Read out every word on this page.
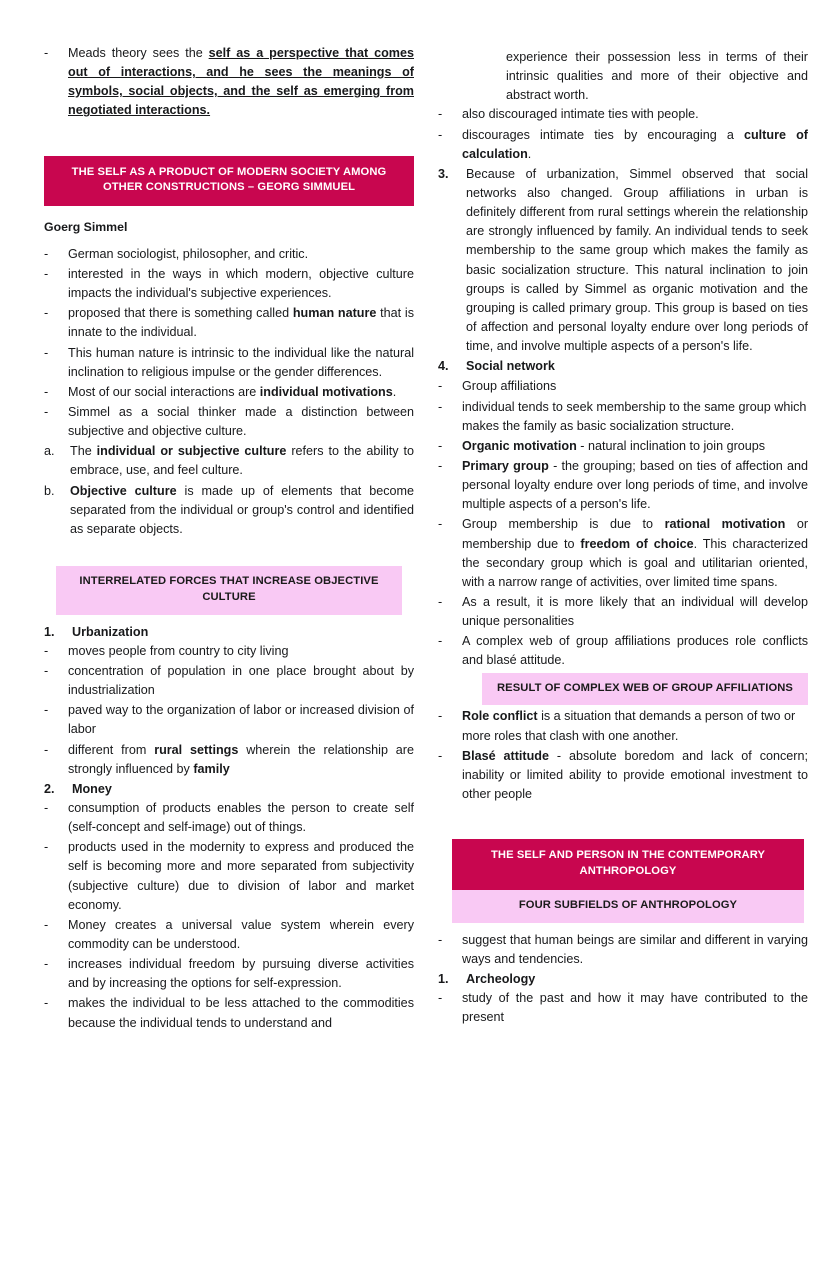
-	Meads theory sees the self as a perspective that comes out of interactions, and he sees the meanings of symbols, social objects, and the self as emerging from negotiated interactions.
THE SELF AS A PRODUCT OF MODERN SOCIETY AMONG OTHER CONSTRUCTIONS – GEORG SIMMUEL
Goerg Simmel
-	German sociologist, philosopher, and critic.
-	interested in the ways in which modern, objective culture impacts the individual's subjective experiences.
-	proposed that there is something called human nature that is innate to the individual.
-	This human nature is intrinsic to the individual like the natural inclination to religious impulse or the gender differences.
-	Most of our social interactions are individual motivations.
-	Simmel as a social thinker made a distinction between subjective and objective culture.
a.	The individual or subjective culture refers to the ability to embrace, use, and feel culture.
b.	Objective culture is made up of elements that become separated from the individual or group's control and identified as separate objects.
INTERRELATED FORCES THAT INCREASE OBJECTIVE CULTURE
1.	Urbanization
-	moves people from country to city living
-	concentration of population in one place brought about by industrialization
-	paved way to the organization of labor or increased division of labor
-	different from rural settings wherein the relationship are strongly influenced by family
2.	Money
-	consumption of products enables the person to create self (self-concept and self-image) out of things.
-	products used in the modernity to express and produced the self is becoming more and more separated from subjectivity (subjective culture) due to division of labor and market economy.
-	Money creates a universal value system wherein every commodity can be understood.
-	increases individual freedom by pursuing diverse activities and by increasing the options for self-expression.
-	makes the individual to be less attached to the commodities because the individual tends to understand and
experience their possession less in terms of their intrinsic qualities and more of their objective and abstract worth.
-	also discouraged intimate ties with people.
-	discourages intimate ties by encouraging a culture of calculation.
3.	Because of urbanization, Simmel observed that social networks also changed. Group affiliations in urban is definitely different from rural settings wherein the relationship are strongly influenced by family. An individual tends to seek membership to the same group which makes the family as basic socialization structure. This natural inclination to join groups is called by Simmel as organic motivation and the grouping is called primary group. This group is based on ties of affection and personal loyalty endure over long periods of time, and involve multiple aspects of a person's life.
4.	Social network
-	Group affiliations
-	individual tends to seek membership to the same group which makes the family as basic socialization structure.
-	Organic motivation - natural inclination to join groups
-	Primary group - the grouping; based on ties of affection and personal loyalty endure over long periods of time, and involve multiple aspects of a person's life.
-	Group membership is due to rational motivation or membership due to freedom of choice. This characterized the secondary group which is goal and utilitarian oriented, with a narrow range of activities, over limited time spans.
-	As a result, it is more likely that an individual will develop unique personalities
-	A complex web of group affiliations produces role conflicts and blasé attitude.
RESULT OF COMPLEX WEB OF GROUP AFFILIATIONS
-	Role conflict is a situation that demands a person of two or more roles that clash with one another.
-	Blasé attitude - absolute boredom and lack of concern; inability or limited ability to provide emotional investment to other people
THE SELF AND PERSON IN THE CONTEMPORARY ANTHROPOLOGY
FOUR SUBFIELDS OF ANTHROPOLOGY
-	suggest that human beings are similar and different in varying ways and tendencies.
1.	Archeology
-	study of the past and how it may have contributed to the present
